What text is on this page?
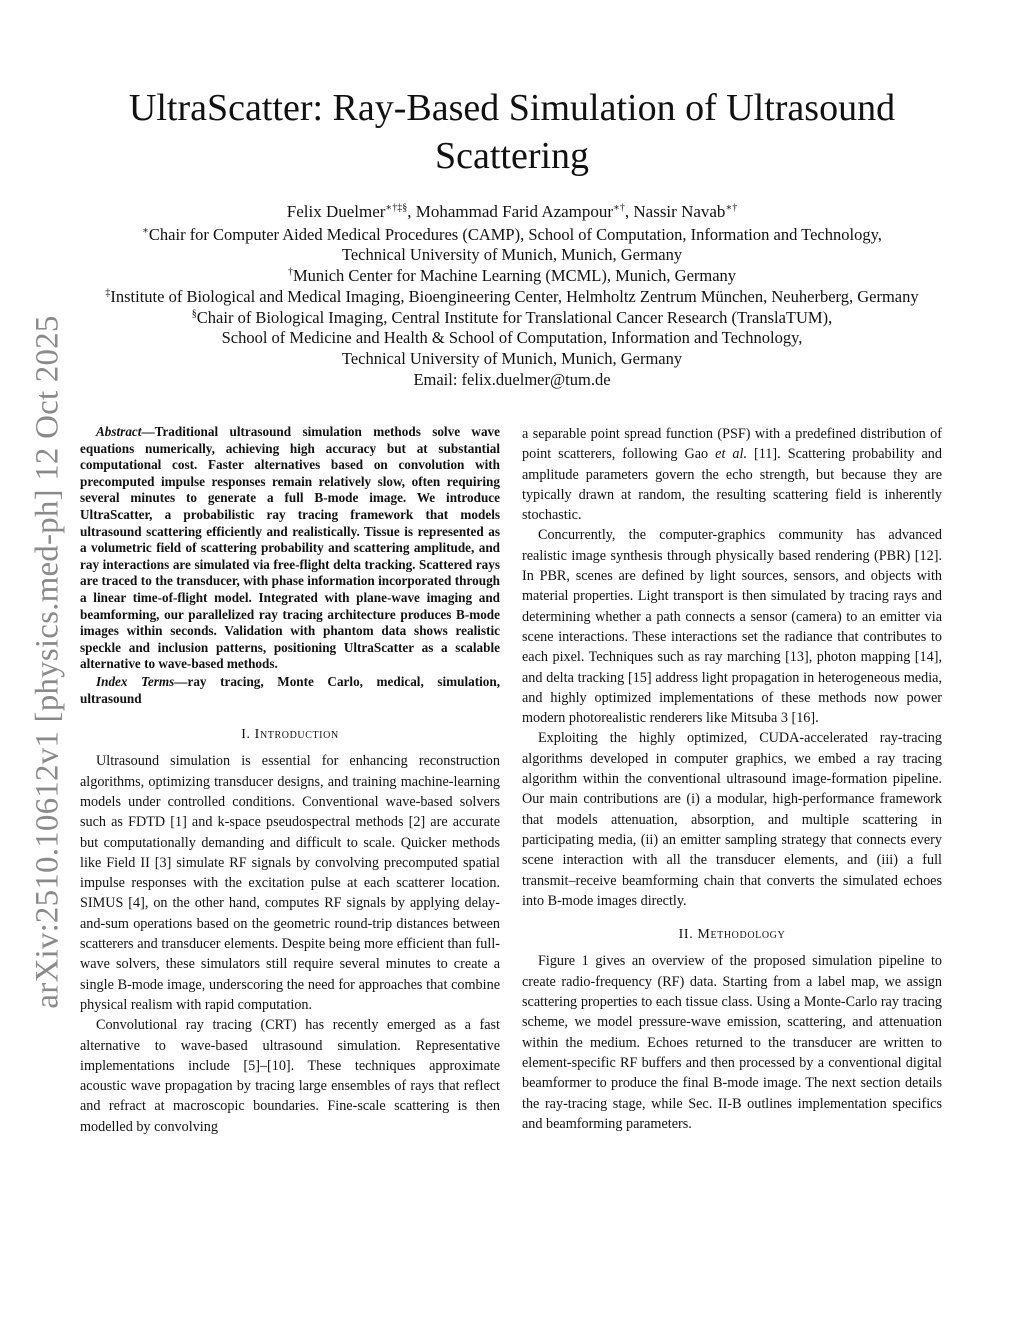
arXiv:2510.10612v1 [physics.med-ph] 12 Oct 2025
UltraScatter: Ray-Based Simulation of Ultrasound Scattering
Felix Duelmer∗†‡§, Mohammad Farid Azampour∗†, Nassir Navab∗†
∗Chair for Computer Aided Medical Procedures (CAMP), School of Computation, Information and Technology,
Technical University of Munich, Munich, Germany
†Munich Center for Machine Learning (MCML), Munich, Germany
‡Institute of Biological and Medical Imaging, Bioengineering Center, Helmholtz Zentrum München, Neuherberg, Germany
§Chair of Biological Imaging, Central Institute for Translational Cancer Research (TranslaTUM),
School of Medicine and Health & School of Computation, Information and Technology,
Technical University of Munich, Munich, Germany
Email: felix.duelmer@tum.de

Abstract—Traditional ultrasound simulation methods solve wave equations numerically, achieving high accuracy but at substantial computational cost. Faster alternatives based on convolution with precomputed impulse responses remain relatively slow, often requiring several minutes to generate a full B-mode image. We introduce UltraScatter, a probabilistic ray tracing framework that models ultrasound scattering efficiently and realistically. Tissue is represented as a volumetric field of scattering probability and scattering amplitude, and ray interactions are simulated via free-flight delta tracking. Scattered rays are traced to the transducer, with phase information incorporated through a linear time-of-flight model. Integrated with plane-wave imaging and beamforming, our parallelized ray tracing architecture produces B-mode images within seconds. Validation with phantom data shows realistic speckle and inclusion patterns, positioning UltraScatter as a scalable alternative to wave-based methods.

Index Terms—ray tracing, Monte Carlo, medical, simulation, ultrasound

I. Introduction

Ultrasound simulation is essential for enhancing reconstruction algorithms, optimizing transducer designs, and training machine-learning models under controlled conditions. Conventional wave-based solvers such as FDTD [1] and k-space pseudospectral methods [2] are accurate but computationally demanding and difficult to scale. Quicker methods like Field II [3] simulate RF signals by convolving precomputed spatial impulse responses with the excitation pulse at each scatterer location. SIMUS [4], on the other hand, computes RF signals by applying delay-and-sum operations based on the geometric round-trip distances between scatterers and transducer elements. Despite being more efficient than full-wave solvers, these simulators still require several minutes to create a single B-mode image, underscoring the need for approaches that combine physical realism with rapid computation.

Convolutional ray tracing (CRT) has recently emerged as a fast alternative to wave-based ultrasound simulation. Representative implementations include [5]–[10]. These techniques approximate acoustic wave propagation by tracing large ensembles of rays that reflect and refract at macroscopic boundaries. Fine-scale scattering is then modelled by convolving

a separable point spread function (PSF) with a predefined distribution of point scatterers, following Gao et al. [11]. Scattering probability and amplitude parameters govern the echo strength, but because they are typically drawn at random, the resulting scattering field is inherently stochastic.

Concurrently, the computer-graphics community has advanced realistic image synthesis through physically based rendering (PBR) [12]. In PBR, scenes are defined by light sources, sensors, and objects with material properties. Light transport is then simulated by tracing rays and determining whether a path connects a sensor (camera) to an emitter via scene interactions. These interactions set the radiance that contributes to each pixel. Techniques such as ray marching [13], photon mapping [14], and delta tracking [15] address light propagation in heterogeneous media, and highly optimized implementations of these methods now power modern photorealistic renderers like Mitsuba 3 [16].

Exploiting the highly optimized, CUDA-accelerated ray-tracing algorithms developed in computer graphics, we embed a ray tracing algorithm within the conventional ultrasound image-formation pipeline. Our main contributions are (i) a modular, high-performance framework that models attenuation, absorption, and multiple scattering in participating media, (ii) an emitter sampling strategy that connects every scene interaction with all the transducer elements, and (iii) a full transmit–receive beamforming chain that converts the simulated echoes into B-mode images directly.

II. Methodology

Figure 1 gives an overview of the proposed simulation pipeline to create radio-frequency (RF) data. Starting from a label map, we assign scattering properties to each tissue class. Using a Monte-Carlo ray tracing scheme, we model pressure-wave emission, scattering, and attenuation within the medium. Echoes returned to the transducer are written to element-specific RF buffers and then processed by a conventional digital beamformer to produce the final B-mode image. The next section details the ray-tracing stage, while Sec. II-B outlines implementation specifics and beamforming parameters.
